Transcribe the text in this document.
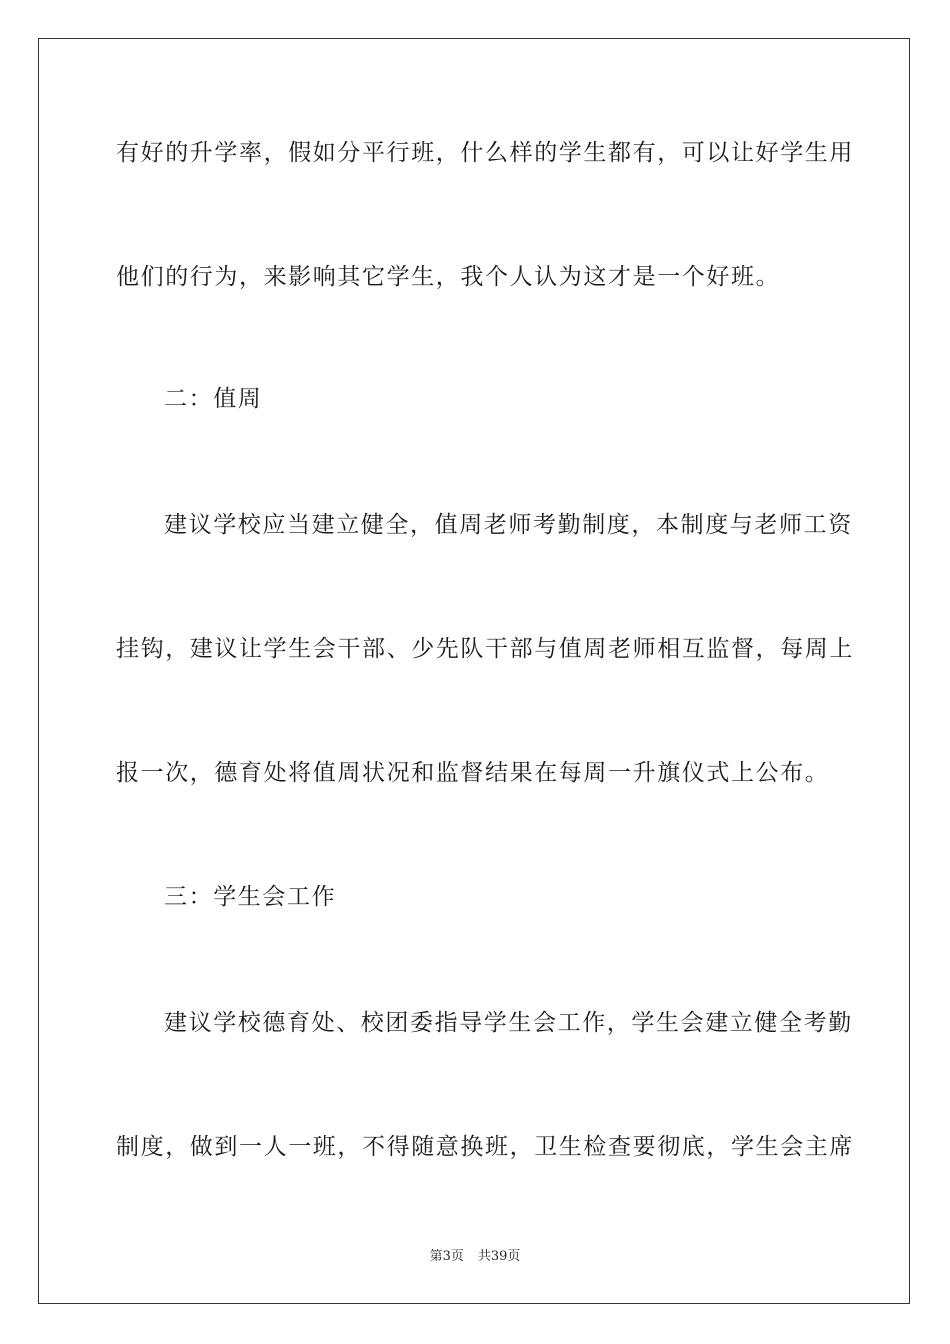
有好的升学率，假如分平行班，什么样的学生都有，可以让好学生用
他们的行为，来影响其它学生，我个人认为这才是一个好班。
二：值周
建议学校应当建立健全，值周老师考勤制度，本制度与老师工资
挂钩，建议让学生会干部、少先队干部与值周老师相互监督，每周上
报一次，德育处将值周状况和监督结果在每周一升旗仪式上公布。
三：学生会工作
建议学校德育处、校团委指导学生会工作，学生会建立健全考勤
制度，做到一人一班，不得随意换班，卫生检查要彻底，学生会主席
第3页 共39页
